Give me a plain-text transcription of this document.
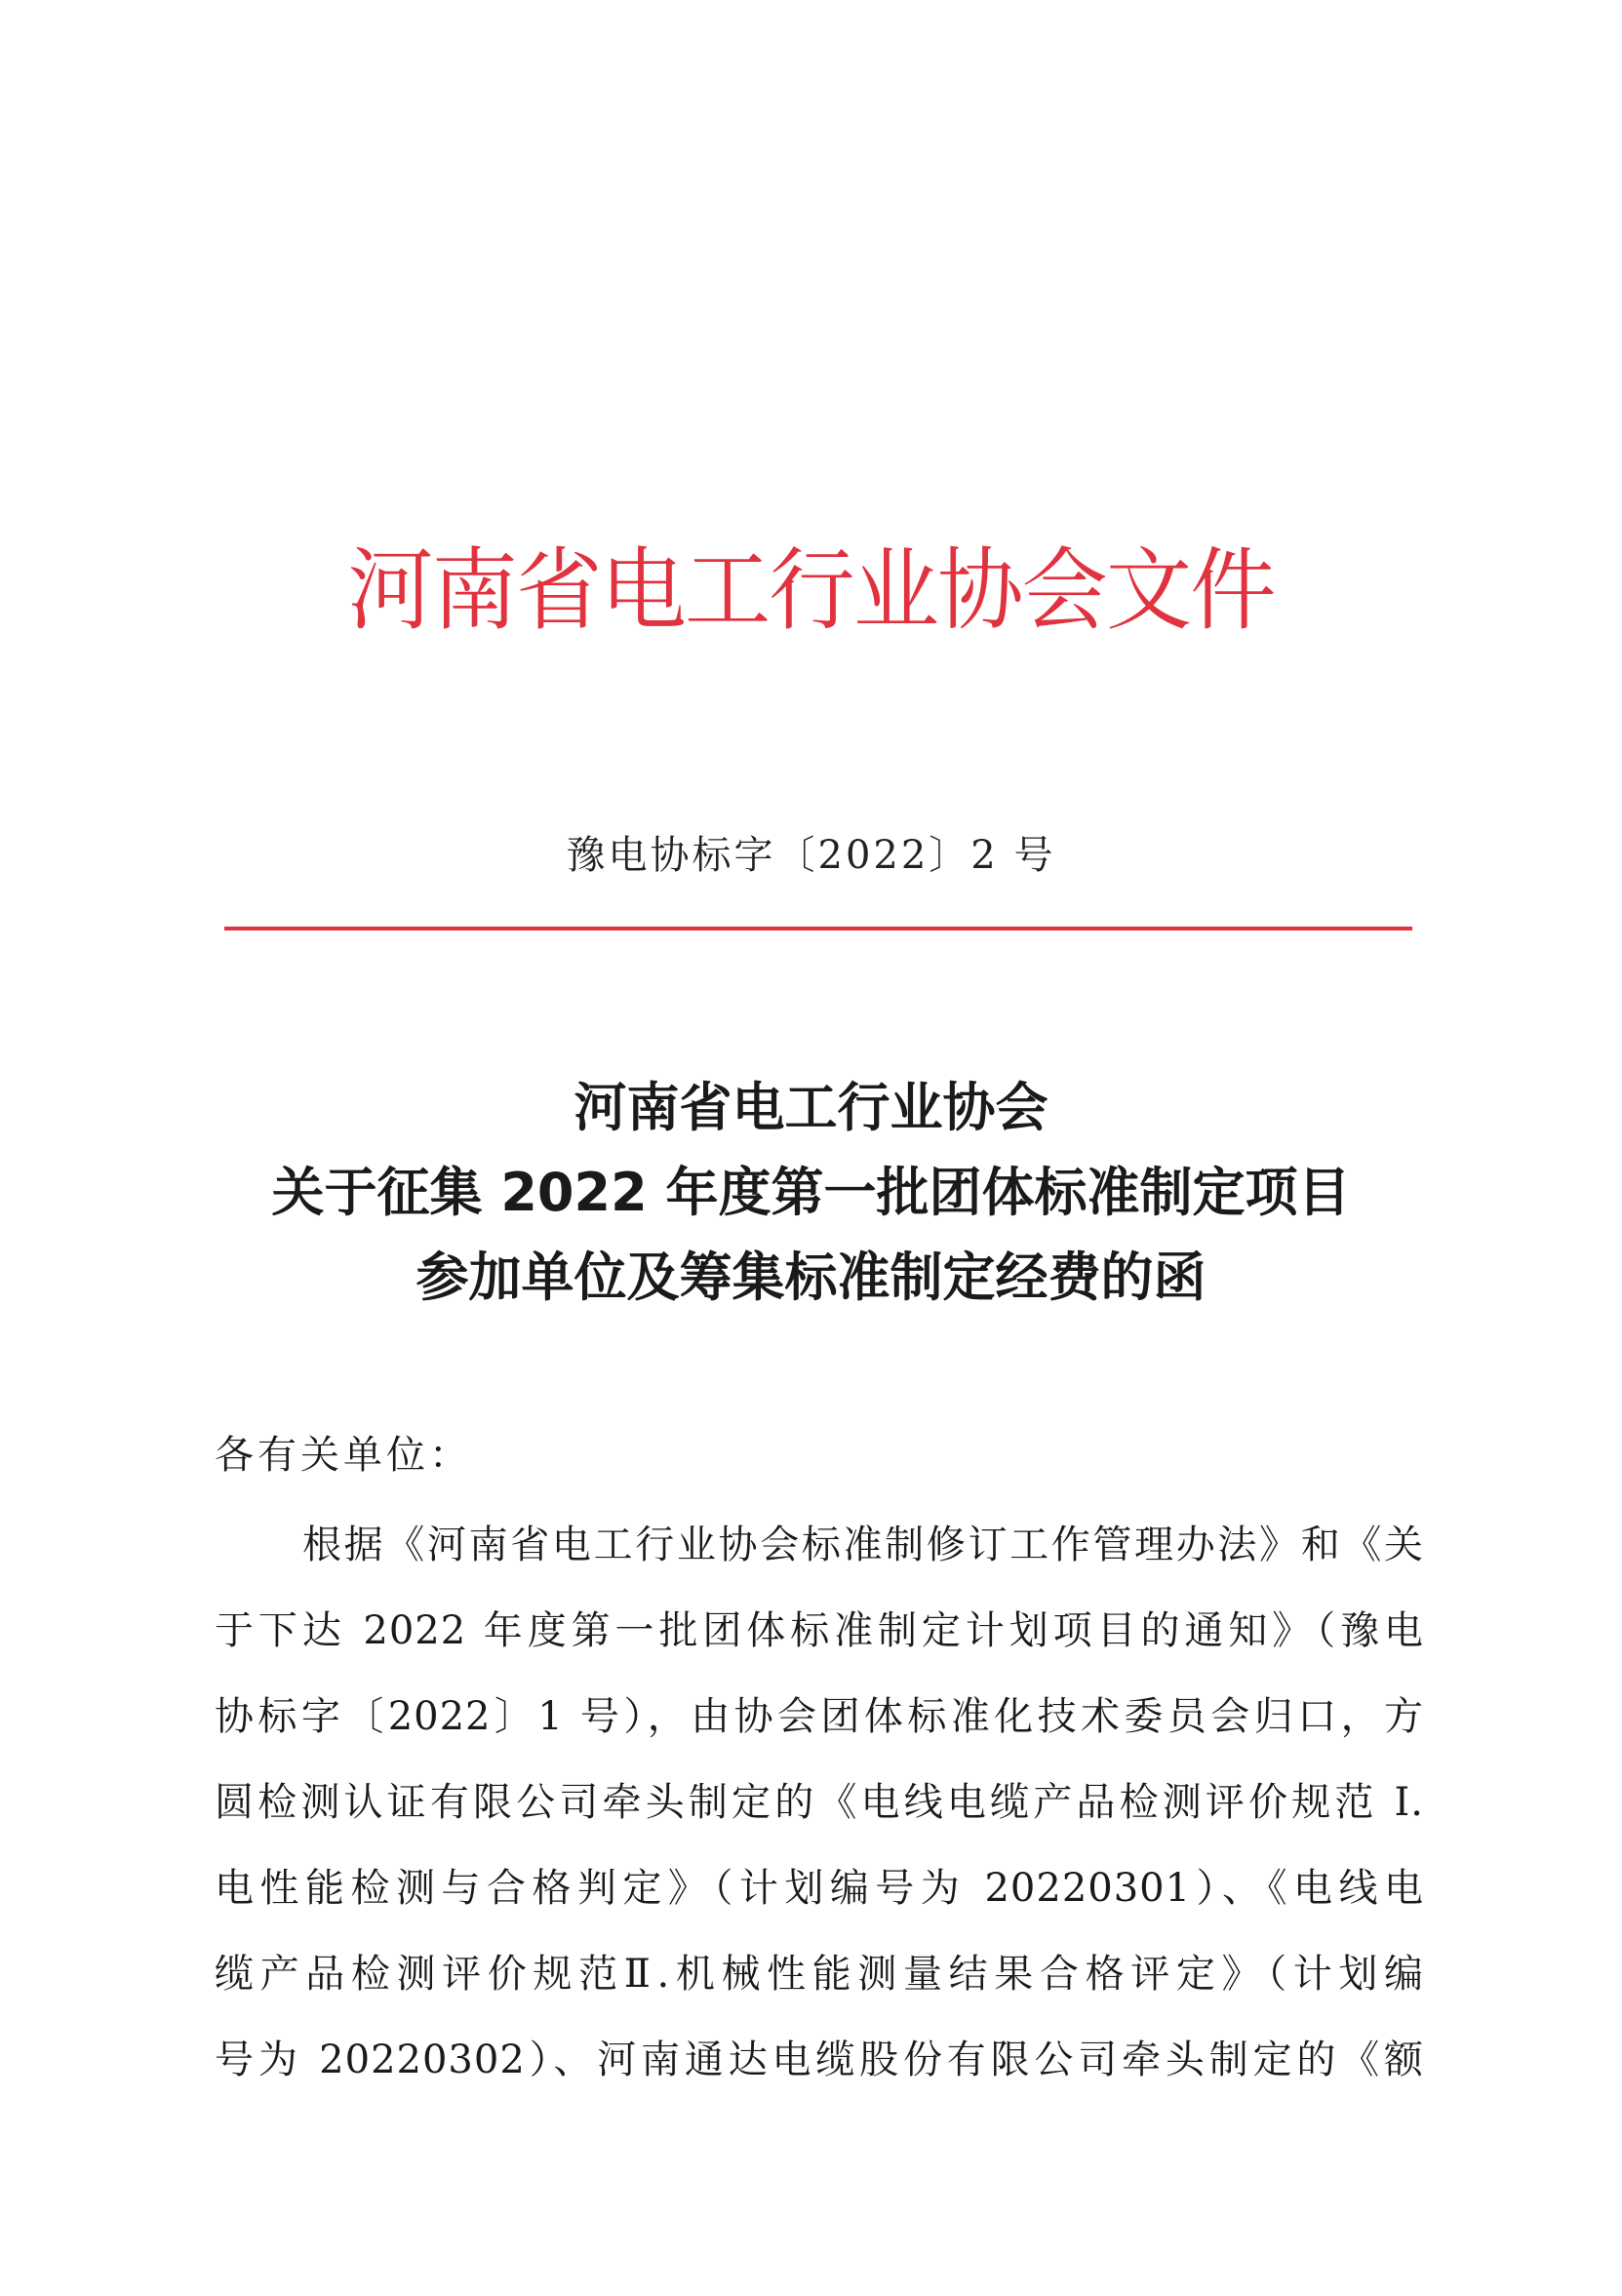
河南省电工行业协会文件
豫电协标字〔2022〕2 号
河南省电工行业协会
关于征集 2022 年度第一批团体标准制定项目
参加单位及筹集标准制定经费的函
各有关单位：
根据《河南省电工行业协会标准制修订工作管理办法》和《关
于下达 2022 年度第一批团体标准制定计划项目的通知》（豫电
协标字〔2022〕1 号），由协会团体标准化技术委员会归口，方
圆检测认证有限公司牵头制定的《电线电缆产品检测评价规范 I.
电性能检测与合格判定》（计划编号为 20220301）、《电线电
缆产品检测评价规范Ⅱ.机械性能测量结果合格评定》（计划编
号为 20220302）、河南通达电缆股份有限公司牵头制定的《额
